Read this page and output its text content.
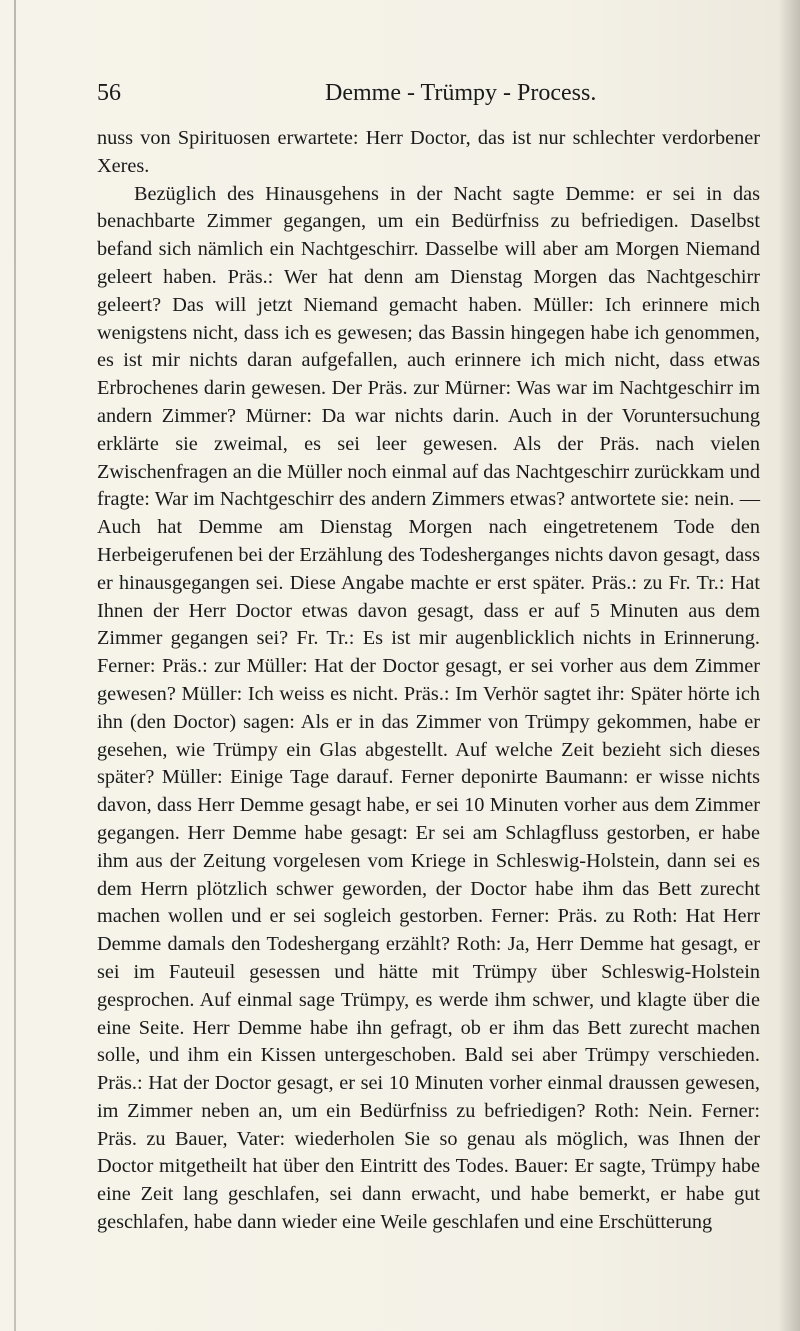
56	Demme - Trümpy - Process.

nuss von Spirituosen erwartete: Herr Doctor, das ist nur schlechter verdorbener Xeres.

Bezüglich des Hinausgehens in der Nacht sagte Demme: er sei in das benachbarte Zimmer gegangen, um ein Bedürfniss zu befriedigen. Daselbst befand sich nämlich ein Nachtgeschirr. Dasselbe will aber am Morgen Niemand geleert haben. Präs.: Wer hat denn am Dienstag Morgen das Nachtgeschirr geleert? Das will jetzt Niemand gemacht haben. Müller: Ich erinnere mich wenigstens nicht, dass ich es gewesen; das Bassin hingegen habe ich genommen, es ist mir nichts daran aufgefallen, auch erinnere ich mich nicht, dass etwas Erbrochenes darin gewesen. Der Präs. zur Mürner: Was war im Nachtgeschirr im andern Zimmer? Mürner: Da war nichts darin. Auch in der Voruntersuchung erklärte sie zweimal, es sei leer gewesen. Als der Präs. nach vielen Zwischenfragen an die Müller noch einmal auf das Nachtgeschirr zurückkam und fragte: War im Nachtgeschirr des andern Zimmers etwas? antwortete sie: nein. — Auch hat Demme am Dienstag Morgen nach eingetretenem Tode den Herbeigerufenen bei der Erzählung des Todesherganges nichts davon gesagt, dass er hinausgegangen sei. Diese Angabe machte er erst später. Präs.: zu Fr. Tr.: Hat Ihnen der Herr Doctor etwas davon gesagt, dass er auf 5 Minuten aus dem Zimmer gegangen sei? Fr. Tr.: Es ist mir augenblicklich nichts in Erinnerung. Ferner: Präs.: zur Müller: Hat der Doctor gesagt, er sei vorher aus dem Zimmer gewesen? Müller: Ich weiss es nicht. Präs.: Im Verhör sagtet ihr: Später hörte ich ihn (den Doctor) sagen: Als er in das Zimmer von Trümpy gekommen, habe er gesehen, wie Trümpy ein Glas abgestellt. Auf welche Zeit bezieht sich dieses später? Müller: Einige Tage darauf. Ferner deponirte Baumann: er wisse nichts davon, dass Herr Demme gesagt habe, er sei 10 Minuten vorher aus dem Zimmer gegangen. Herr Demme habe gesagt: Er sei am Schlagfluss gestorben, er habe ihm aus der Zeitung vorgelesen vom Kriege in Schleswig-Holstein, dann sei es dem Herrn plötzlich schwer geworden, der Doctor habe ihm das Bett zurecht machen wollen und er sei sogleich gestorben. Ferner: Präs. zu Roth: Hat Herr Demme damals den Todeshergang erzählt? Roth: Ja, Herr Demme hat gesagt, er sei im Fauteuil gesessen und hätte mit Trümpy über Schleswig-Holstein gesprochen. Auf einmal sage Trümpy, es werde ihm schwer, und klagte über die eine Seite. Herr Demme habe ihn gefragt, ob er ihm das Bett zurecht machen solle, und ihm ein Kissen untergeschoben. Bald sei aber Trümpy verschieden. Präs.: Hat der Doctor gesagt, er sei 10 Minuten vorher einmal draussen gewesen, im Zimmer neben an, um ein Bedürfniss zu befriedigen? Roth: Nein. Ferner: Präs. zu Bauer, Vater: wiederholen Sie so genau als möglich, was Ihnen der Doctor mitgetheilt hat über den Eintritt des Todes. Bauer: Er sagte, Trümpy habe eine Zeit lang geschlafen, sei dann erwacht, und habe bemerkt, er habe gut geschlafen, habe dann wieder eine Weile geschlafen und eine Erschütterung
